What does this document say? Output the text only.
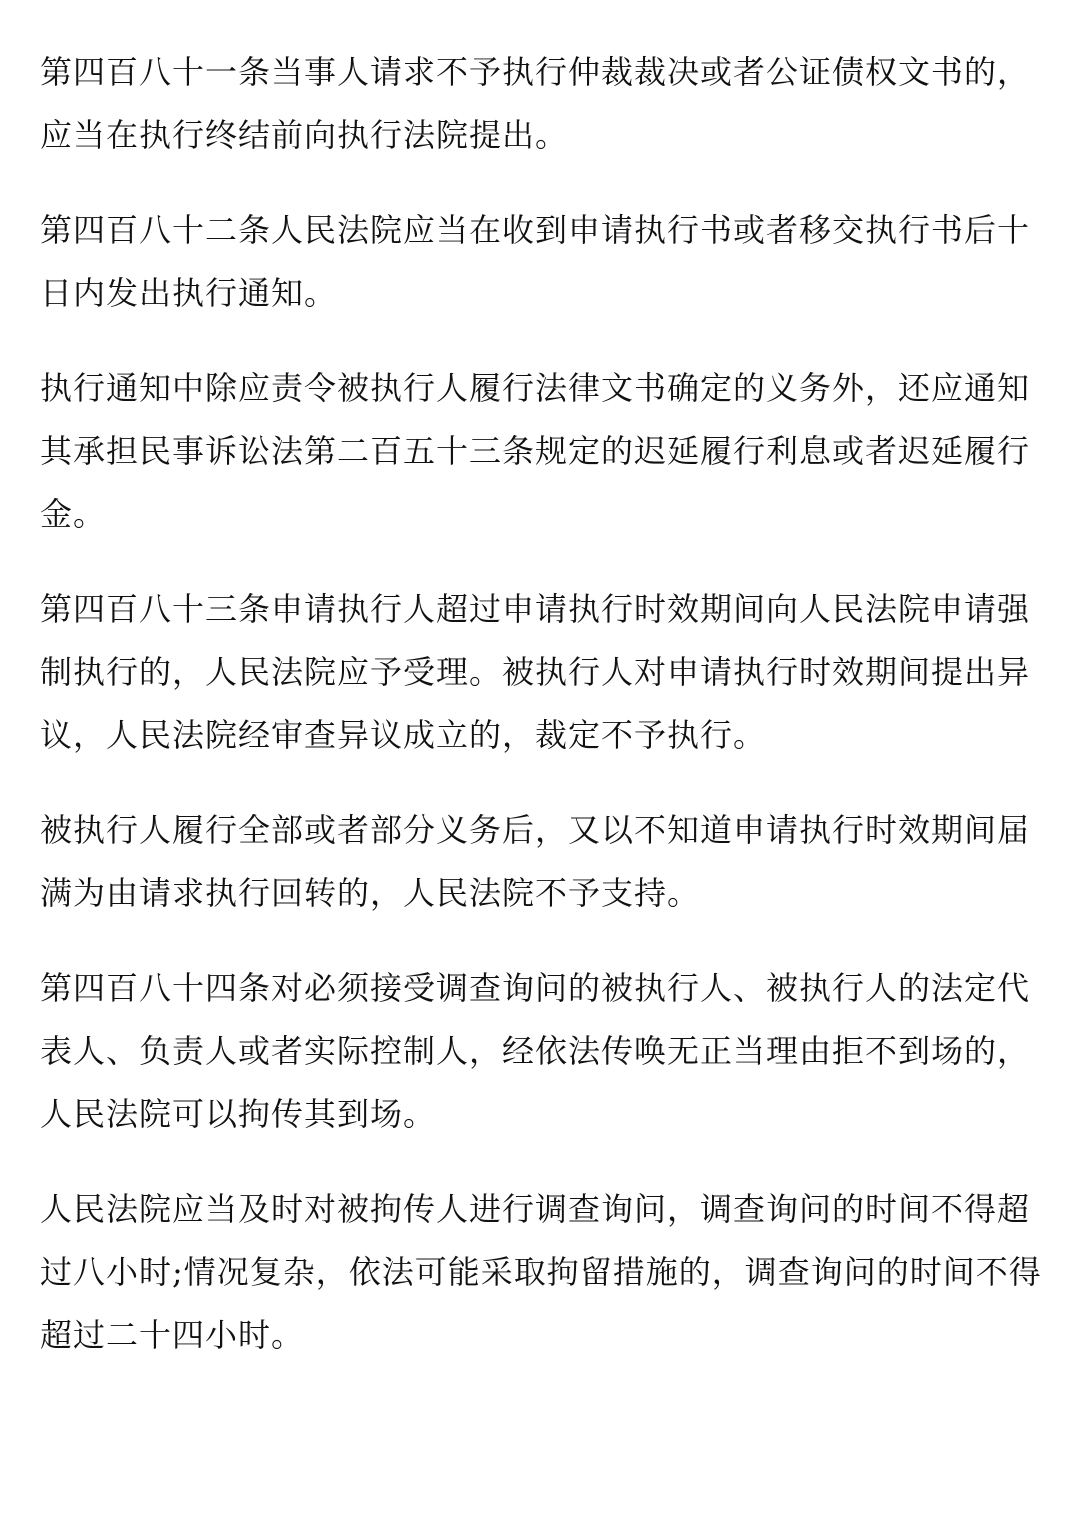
第四百八十一条当事人请求不予执行仲裁裁决或者公证债权文书的，
应当在执行终结前向执行法院提出。

第四百八十二条人民法院应当在收到申请执行书或者移交执行书后十
日内发出执行通知。

执行通知中除应责令被执行人履行法律文书确定的义务外，还应通知
其承担民事诉讼法第二百五十三条规定的迟延履行利息或者迟延履行
金。

第四百八十三条申请执行人超过申请执行时效期间向人民法院申请强
制执行的，人民法院应予受理。被执行人对申请执行时效期间提出异
议，人民法院经审查异议成立的，裁定不予执行。

被执行人履行全部或者部分义务后，又以不知道申请执行时效期间届
满为由请求执行回转的，人民法院不予支持。

第四百八十四条对必须接受调查询问的被执行人、被执行人的法定代
表人、负责人或者实际控制人，经依法传唤无正当理由拒不到场的，
人民法院可以拘传其到场。

人民法院应当及时对被拘传人进行调查询问，调查询问的时间不得超
过八小时;情况复杂，依法可能采取拘留措施的，调查询问的时间不得
超过二十四小时。
